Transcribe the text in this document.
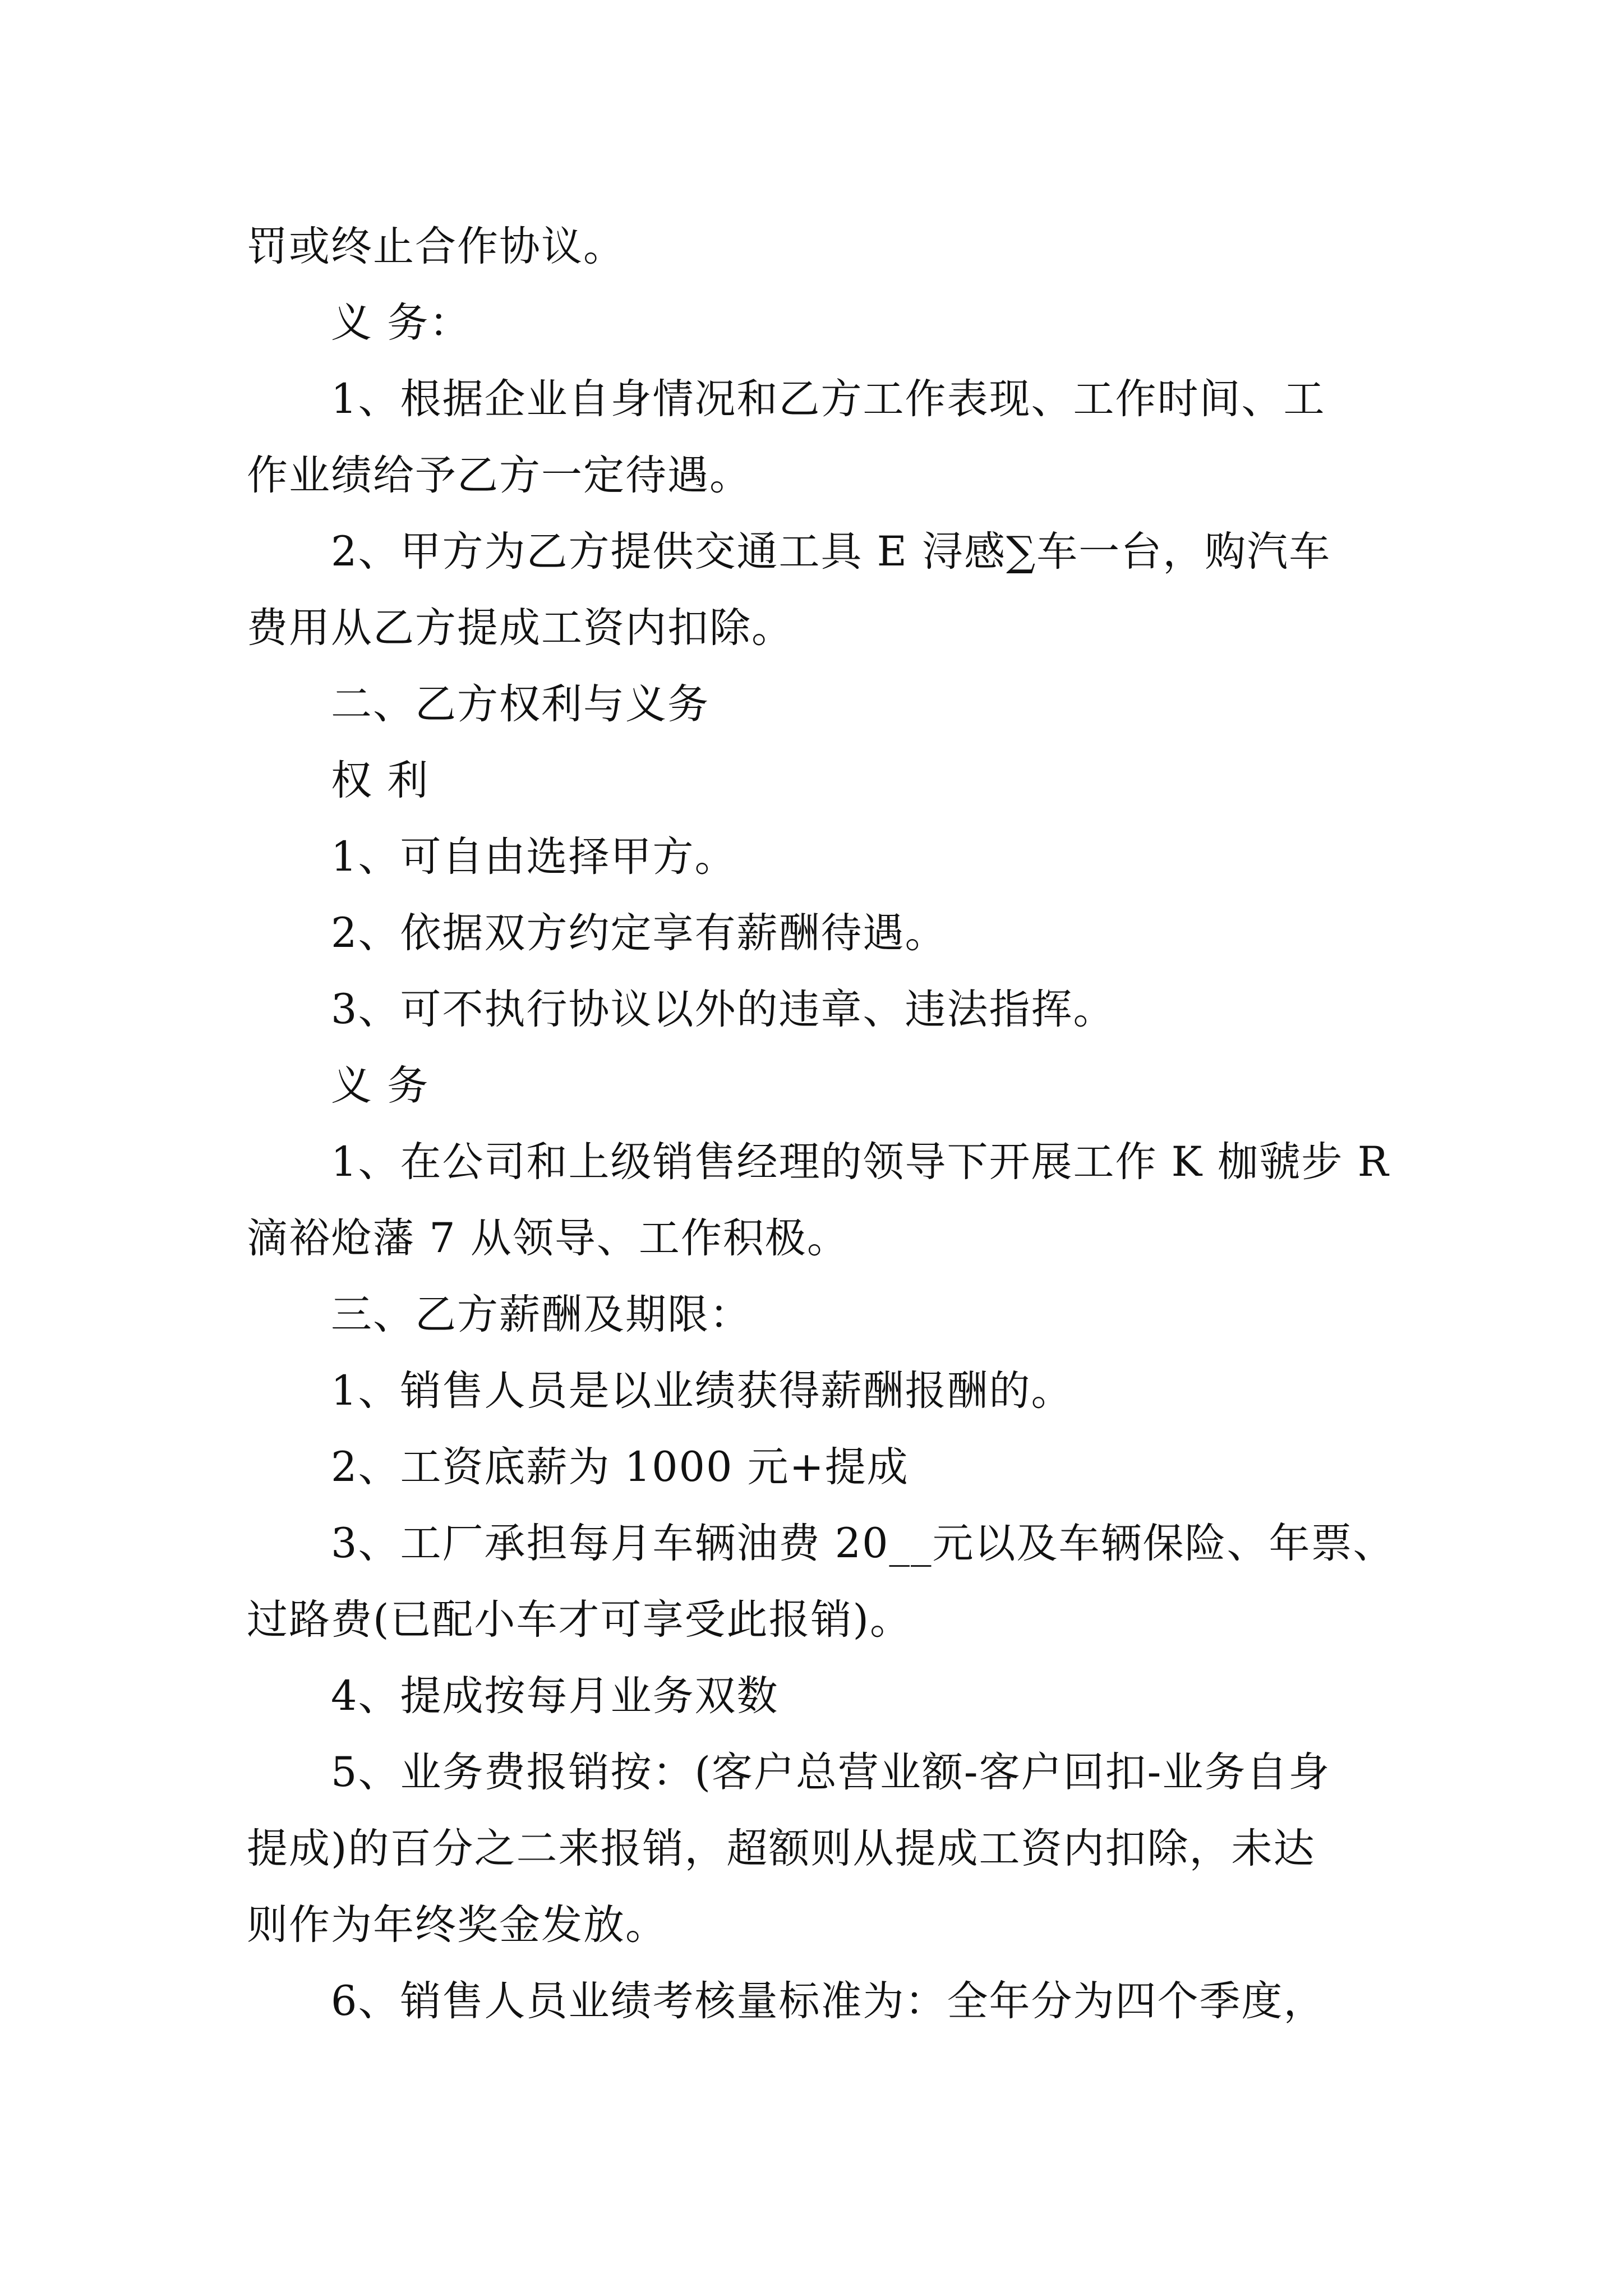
罚或终止合作协议。
义 务：
1、根据企业自身情况和乙方工作表现、工作时间、工
作业绩给予乙方一定待遇。
2、甲方为乙方提供交通工具 E 浔感∑车一台，购汽车
费用从乙方提成工资内扣除。
二、乙方权利与义务
权 利
1、可自由选择甲方。
2、依据双方约定享有薪酬待遇。
3、可不执行协议以外的违章、违法指挥。
义 务
1、在公司和上级销售经理的领导下开展工作 K 枷虢步 R
滴裕炝藩 7 从领导、工作积极。
三、乙方薪酬及期限：
1、销售人员是以业绩获得薪酬报酬的。
2、工资底薪为 1000 元+提成
3、工厂承担每月车辆油费 20__元以及车辆保险、年票、
过路费(已配小车才可享受此报销)。
4、提成按每月业务双数
5、业务费报销按：(客户总营业额-客户回扣-业务自身
提成)的百分之二来报销，超额则从提成工资内扣除，未达
则作为年终奖金发放。
6、销售人员业绩考核量标准为：全年分为四个季度，
